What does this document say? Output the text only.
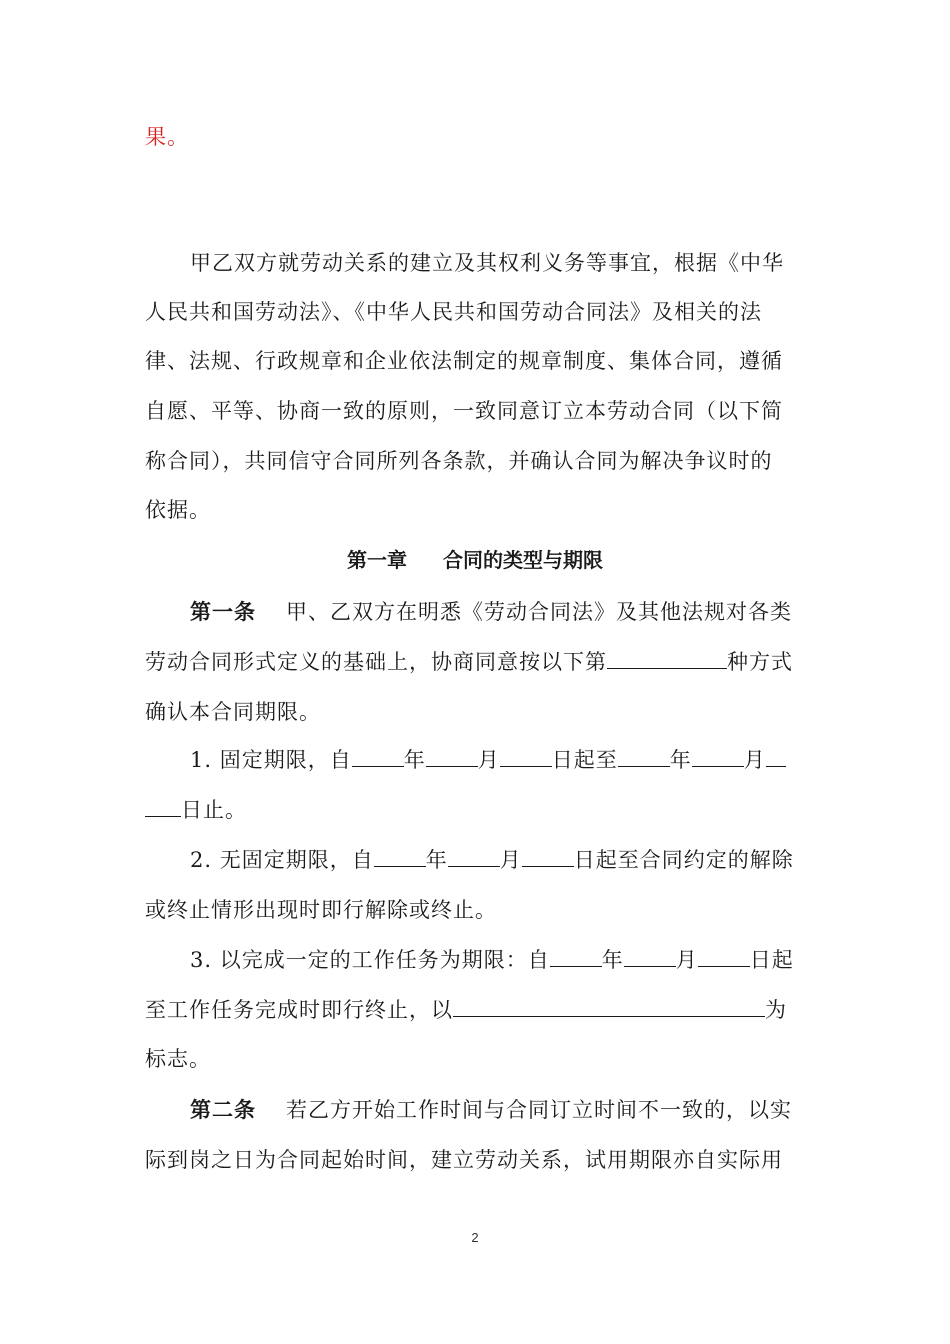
果。
甲乙双方就劳动关系的建立及其权利义务等事宜，根据《中华
人民共和国劳动法》、《中华人民共和国劳动合同法》及相关的法
律、法规、行政规章和企业依法制定的规章制度、集体合同，遵循
自愿、平等、协商一致的原则，一致同意订立本劳动合同（以下简
称合同），共同信守合同所列各条款，并确认合同为解决争议时的
依据。
第一章 合同的类型与期限
第一条 甲、乙双方在明悉《劳动合同法》及其他法规对各类
劳动合同形式定义的基础上，协商同意按以下第	种方式
确认本合同期限。
1. 固定期限，自 年 月 日起至 年 月
日止。
2. 无固定期限，自 年 月 日起至合同约定的解除
或终止情形出现时即行解除或终止。
3. 以完成一定的工作任务为期限：自 年 月 日起
至工作任务完成时即行终止，以	为
标志。
第二条 若乙方开始工作时间与合同订立时间不一致的，以实
际到岗之日为合同起始时间，建立劳动关系，试用期限亦自实际用
2
